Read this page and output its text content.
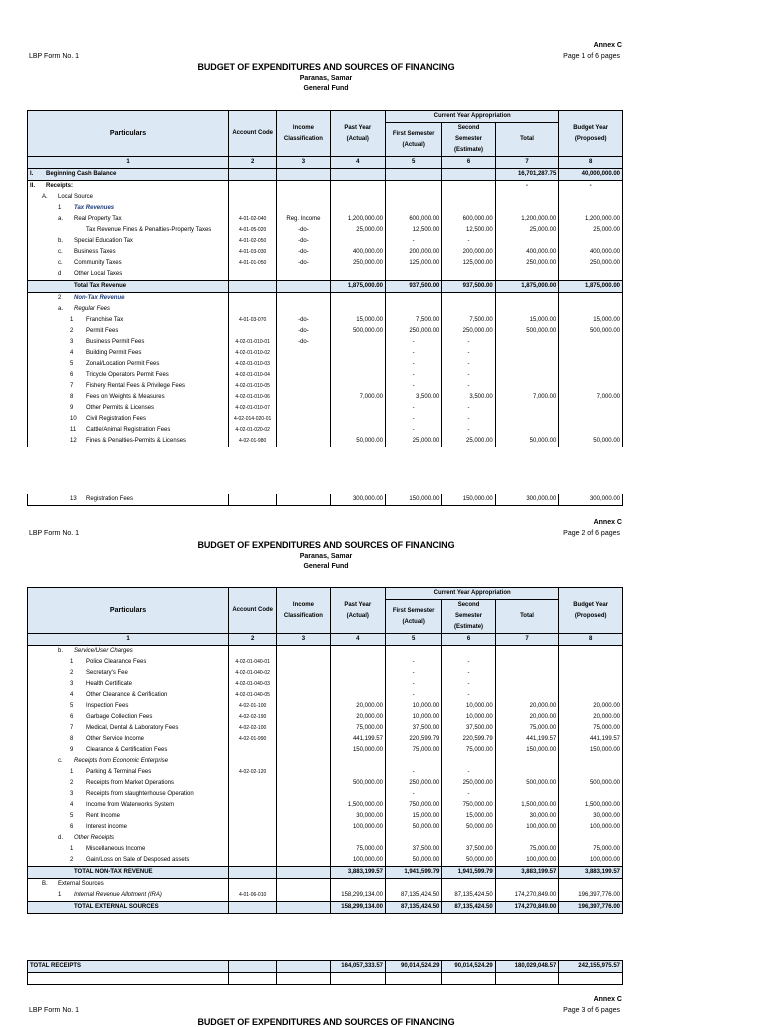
Annex C
LBP Form No. 1	Page 1 of 6 pages
BUDGET OF EXPENDITURES AND SOURCES OF FINANCING
Paranas, Samar
General Fund
Particulars	Account Code	Income Classification	Past Year (Actual)	Current Year Appropriation			Budget Year (Proposed)
				First Semester (Actual)	Second Semester (Estimate)	Total	
1	2	3	4	5	6	7	8
I. Beginning Cash Balance						16,701,287.75	40,000,000.00
II. Receipts:						-	-
A. Local Source							
1 Tax Revenues							
a. Real Property Tax	4-01-02-040	Reg. Income	1,200,000.00	600,000.00	600,000.00	1,200,000.00	1,200,000.00
Tax Revenue Fines & Penalties-Property Taxes	4-01-05-020	-do-	25,000.00	12,500.00	12,500.00	25,000.00	25,000.00
b. Special Education Tax	4-01-02-050	-do-		-	-		
c. Business Taxes	4-01-03-030	-do-	400,000.00	200,000.00	200,000.00	400,000.00	400,000.00
c. Community Taxes	4-01-01-050	-do-	250,000.00	125,000.00	125,000.00	250,000.00	250,000.00
d Other Local Taxes							
Total Tax Revenue			1,875,000.00	937,500.00	937,500.00	1,875,000.00	1,875,000.00
2 Non-Tax Revenue							
a. Regular Fees							
1 Franchise Tax	4-01-03-070	-do-	15,000.00	7,500.00	7,500.00	15,000.00	15,000.00
2 Permit Fees		-do-	500,000.00	250,000.00	250,000.00	500,000.00	500,000.00
3 Business Permit Fees	4-02-01-010-01	-do-		-	-		
4 Building Permit Fees	4-02-01-010-02			-	-		
5 Zonal/Location Permit Fees	4-02-01-010-03			-	-		
6 Tricycle Operators Permit Fees	4-02-01-010-04			-	-		
7 Fishery Rental Fees & Privilege Fees	4-02-01-010-05			-	-		
8 Fees on Weights & Measures	4-02-01-010-06		7,000.00	3,500.00	3,500.00	7,000.00	7,000.00
9 Other Permits & Licenses	4-02-01-010-07			-	-		
10 Civil Registration Fees	4-02-014-020-01			-	-		
11 Cattle/Animal Registration Fees	4-02-01-020-02			-	-		
12 Fines & Penalties-Permits & Licenses	4-02-01-980		50,000.00	25,000.00	25,000.00	50,000.00	50,000.00
13 Registration Fees			300,000.00	150,000.00	150,000.00	300,000.00	300,000.00
Annex C
LBP Form No. 1	Page 2 of 6 pages
BUDGET OF EXPENDITURES AND SOURCES OF FINANCING
Paranas, Samar
General Fund
Particulars	Account Code	Income Classification	Past Year (Actual)	Current Year Appropriation			Budget Year (Proposed)
				First Semester (Actual)	Second Semester (Estimate)	Total	
1	2	3	4	5	6	7	8
b. Service/User Charges							
1 Police Clearance Fees	4-02-01-040-01			-	-		
2 Secretary's Fee	4-02-01-040-02			-	-		
3 Health Certificate	4-02-01-040-03			-	-		
4 Other Clearance & Cerification	4-02-01-040-05			-	-		
5 Inspection Fees	4-02-01-100		20,000.00	10,000.00	10,000.00	20,000.00	20,000.00
6 Garbage Collection Fees	4-02-02-190		20,000.00	10,000.00	10,000.00	20,000.00	20,000.00
7 Medical, Dental & Laboratory Fees	4-02-02-100		75,000.00	37,500.00	37,500.00	75,000.00	75,000.00
8 Other Service Income	4-02-01-990		441,199.57	220,599.79	220,599.79	441,199.57	441,199.57
9 Clearance & Certification Fees			150,000.00	75,000.00	75,000.00	150,000.00	150,000.00
c. Receipts from Economic Enterprise							
1 Parking & Terminal Fees	4-02-02-120			-	-		
2 Receipts from Market Operations			500,000.00	250,000.00	250,000.00	500,000.00	500,000.00
3 Receipts from slaughterhouse Operation				-	-		
4 Income from Waterworks System			1,500,000.00	750,000.00	750,000.00	1,500,000.00	1,500,000.00
5 Rent Income			30,000.00	15,000.00	15,000.00	30,000.00	30,000.00
6 Interest income			100,000.00	50,000.00	50,000.00	100,000.00	100,000.00
d. Other Receipts							
1 Miscellaneous Income			75,000.00	37,500.00	37,500.00	75,000.00	75,000.00
2 Gain/Loss on Sale of Desposed assets			100,000.00	50,000.00	50,000.00	100,000.00	100,000.00
TOTAL NON-TAX REVENUE			3,883,199.57	1,941,599.79	1,941,599.79	3,883,199.57	3,883,199.57
B. External Sources							
1 Internal Revenue Allotment (IRA)	4-01-06-010		158,299,134.00	87,135,424.50	87,135,424.50	174,270,849.00	196,397,776.00
TOTAL EXTERNAL SOURCES			158,299,134.00	87,135,424.50	87,135,424.50	174,270,849.00	196,397,776.00
TOTAL RECEIPTS			164,057,333.57	90,014,524.29	90,014,524.29	180,029,048.57	242,155,975.57

Annex C
LBP Form No. 1	Page 3 of 6 pages
BUDGET OF EXPENDITURES AND SOURCES OF FINANCING
